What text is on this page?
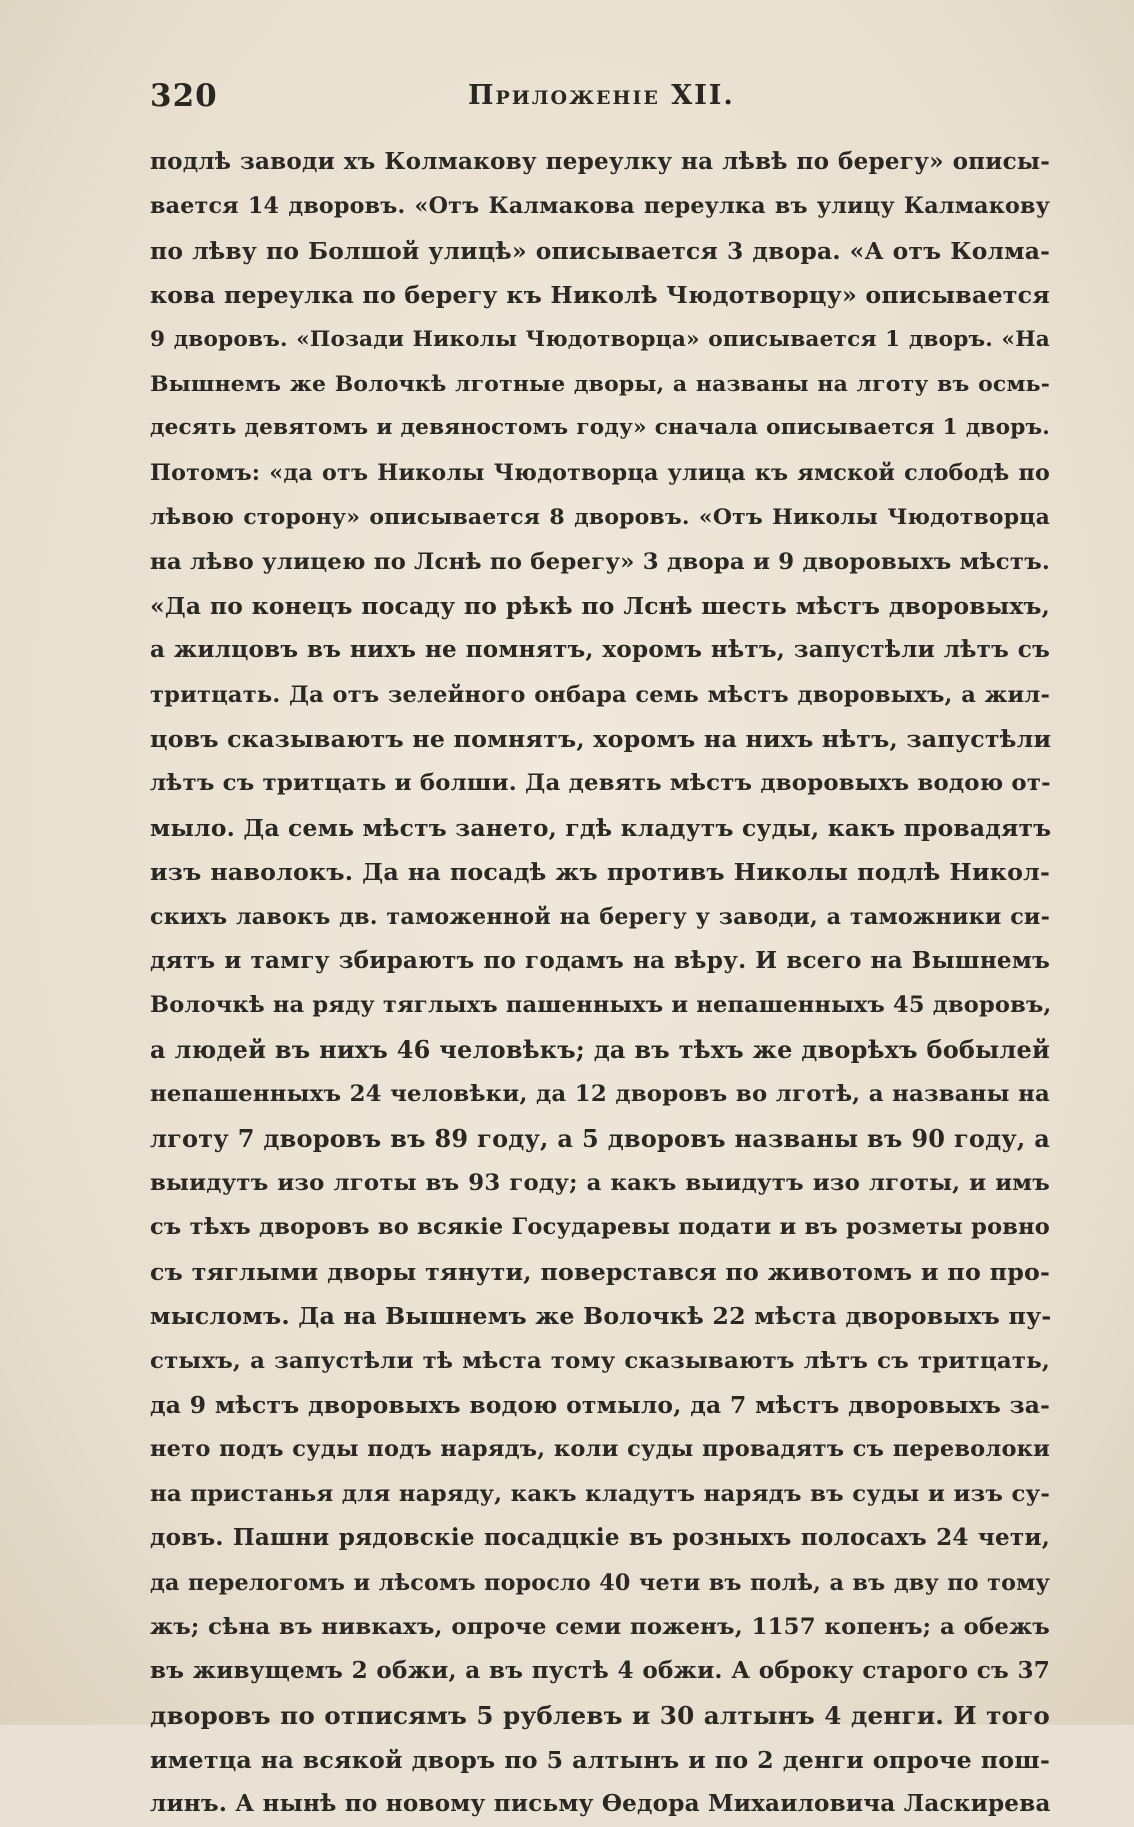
320	Приложеніе XII.
подлѣ заводи хъ Колмакову переулку на лѣвѣ по берегу» описы-
вается 14 дворовъ. «Отъ Калмакова переулка въ улицу Калмакову
по лѣву по Болшой улицѣ» описывается 3 двора. «А отъ Колма-
кова переулка по берегу къ Николѣ Чюдотворцу» описывается
9 дворовъ. «Позади Николы Чюдотворца» описывается 1 дворъ. «На
Вышнемъ же Волочкѣ лготные дворы, а названы на лготу въ осмь-
десять девятомъ и девяностомъ году» сначала описывается 1 дворъ.
Потомъ: «да отъ Николы Чюдотворца улица къ ямской слободѣ по
лѣвою сторону» описывается 8 дворовъ. «Отъ Николы Чюдотворца
на лѣво улицею по Лснѣ по берегу» 3 двора и 9 дворовыхъ мѣстъ.
«Да по конецъ посаду по рѣкѣ по Лснѣ шесть мѣстъ дворовыхъ,
а жилцовъ въ нихъ не помнятъ, хоромъ нѣтъ, запустѣли лѣтъ съ
тритцать. Да отъ зелейного онбара семь мѣстъ дворовыхъ, а жил-
цовъ сказываютъ не помнятъ, хоромъ на нихъ нѣтъ, запустѣли
лѣтъ съ тритцать и болши. Да девять мѣстъ дворовыхъ водою от-
мыло. Да семь мѣстъ зането, гдѣ кладутъ суды, какъ провадятъ
изъ наволокъ. Да на посадѣ жъ противъ Николы подлѣ Никол-
скихъ лавокъ дв. таможенной на берегу у заводи, а таможники си-
дятъ и тамгу збираютъ по годамъ на вѣру. И всего на Вышнемъ
Волочкѣ на ряду тяглыхъ пашенныхъ и непашенныхъ 45 дворовъ,
а людей въ нихъ 46 человѣкъ; да въ тѣхъ же дворѣхъ бобылей
непашенныхъ 24 человѣки, да 12 дворовъ во лготѣ, а названы на
лготу 7 дворовъ въ 89 году, а 5 дворовъ названы въ 90 году, а
выидутъ изо лготы въ 93 году; а какъ выидутъ изо лготы, и имъ
съ тѣхъ дворовъ во всякіе Государевы подати и въ розметы ровно
съ тяглыми дворы тянути, поверстався по животомъ и по про-
мысломъ. Да на Вышнемъ же Волочкѣ 22 мѣста дворовыхъ пу-
стыхъ, а запустѣли тѣ мѣста тому сказываютъ лѣтъ съ тритцать,
да 9 мѣстъ дворовыхъ водою отмыло, да 7 мѣстъ дворовыхъ за-
нето подъ суды подъ нарядъ, коли суды провадятъ съ переволоки
на пристанья для наряду, какъ кладутъ нарядъ въ суды и изъ су-
довъ. Пашни рядовскіе посадцкіе въ розныхъ полосахъ 24 чети,
да перелогомъ и лѣсомъ поросло 40 чети въ полѣ, а въ дву по тому
жъ; сѣна въ нивкахъ, опроче семи поженъ, 1157 копенъ; а обежъ
въ живущемъ 2 обжи, а въ пустѣ 4 обжи. А оброку старого съ 37
дворовъ по отписямъ 5 рублевъ и 30 алтынъ 4 денги. И того
иметца на всякой дворъ по 5 алтынъ и по 2 денги опроче пош-
линъ. А нынѣ по новому письму Ѳедора Михаиловича Ласкирева
